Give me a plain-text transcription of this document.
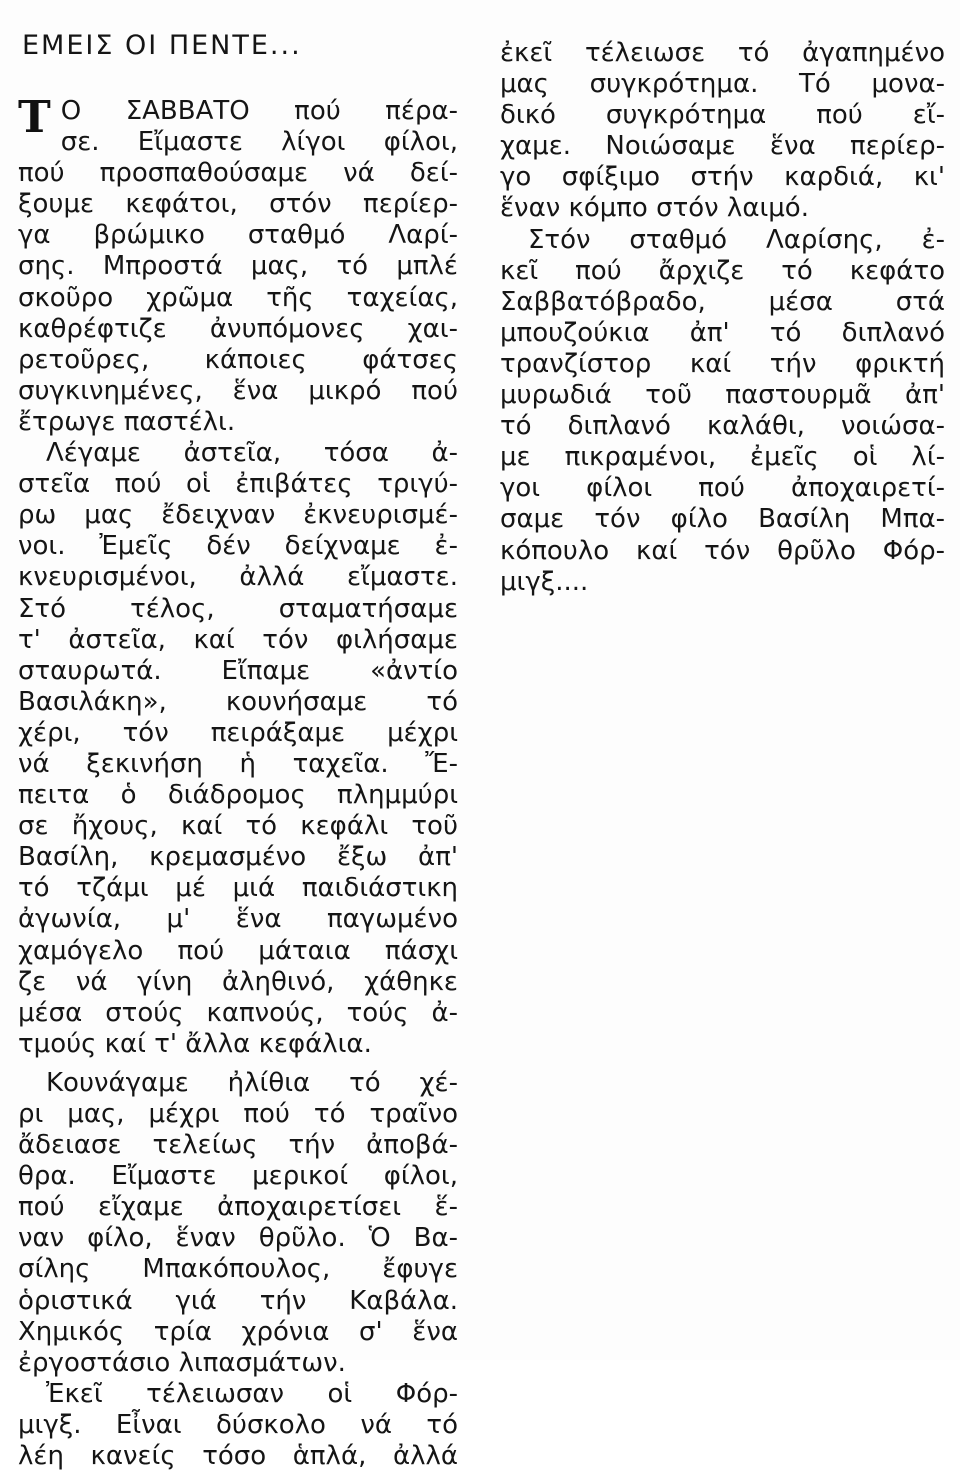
ΕΜΕΙΣ ΟΙ ΠΕΝΤΕ...
Τ Ο ΣΑΒΒΑΤΟ πού πέρα-
σε. Εἴμαστε λίγοι φίλοι,
πού προσπαθούσαμε νά δεί-
ξουμε κεφάτοι, στόν περίερ-
γα βρώμικο σταθμό Λαρί-
σης. Μπροστά μας, τό μπλέ
σκοῦρο χρῶμα τῆς ταχείας,
καθρέφτιζε ἀνυπόμονες χαι-
ρετοῦρες, κάποιες φάτσες
συγκινημένες, ἕνα μικρό πού
ἔτρωγε παστέλι.
Λέγαμε ἀστεῖα, τόσα ἀ-
στεῖα πού οἱ ἐπιβάτες τριγύ-
ρω μας ἔδειχναν ἐκνευρισμέ-
νοι. Ἐμεῖς δέν δείχναμε ἐ-
κνευρισμένοι, ἀλλά εἴμαστε.
Στό τέλος, σταματήσαμε
τ' ἀστεῖα, καί τόν φιλήσαμε
σταυρωτά. Εἴπαμε «ἀντίο
Βασιλάκη», κουνήσαμε τό
χέρι, τόν πειράξαμε μέχρι
νά ξεκινήση ἡ ταχεῖα. Ἔ-
πειτα ὁ διάδρομος πλημμύρι
σε ἤχους, καί τό κεφάλι τοῦ
Βασίλη, κρεμασμένο ἔξω ἀπ'
τό τζάμι μέ μιά παιδιάστικη
ἀγωνία, μ' ἕνα παγωμένο
χαμόγελο πού μάταια πάσχι
ζε νά γίνη ἀληθινό, χάθηκε
μέσα στούς καπνούς, τούς ἀ-
τμούς καί τ' ἄλλα κεφάλια.
Κουνάγαμε ἠλίθια τό χέ-
ρι μας, μέχρι πού τό τραῖνο
ἄδειασε τελείως τήν ἀποβά-
θρα. Εἴμαστε μερικοί φίλοι,
πού εἴχαμε ἀποχαιρετίσει ἕ-
ναν φίλο, ἕναν θρῦλο. Ὁ Βα-
σίλης Μπακόπουλος, ἔφυγε
ὁριστικά γιά τήν Καβάλα.
Χημικός τρία χρόνια σ' ἕνα
ἐργοστάσιο λιπασμάτων.
Ἐκεῖ τέλειωσαν οἱ Φόρ-
μιγξ. Εἶναι δύσκολο νά τό
λέη κανείς τόσο ἁπλά, ἀλλά
ἐκεῖ τέλειωσε τό ἀγαπημένο
μας συγκρότημα. Τό μονα-
δικό συγκρότημα πού εἴ-
χαμε. Νοιώσαμε ἕνα περίερ-
γο σφίξιμο στήν καρδιά, κι'
ἕναν κόμπο στόν λαιμό.
Στόν σταθμό Λαρίσης, ἐ-
κεῖ πού ἄρχιζε τό κεφάτο
Σαββατόβραδο, μέσα στά
μπουζούκια ἀπ' τό διπλανό
τρανζίστορ καί τήν φρικτή
μυρωδιά τοῦ παστουρμᾶ ἀπ'
τό διπλανό καλάθι, νοιώσα-
με πικραμένοι, ἐμεῖς οἱ λί-
γοι φίλοι πού ἀποχαιρετί-
σαμε τόν φίλο Βασίλη Μπα-
κόπουλο καί τόν θρῦλο Φόρ-
μιγξ....
